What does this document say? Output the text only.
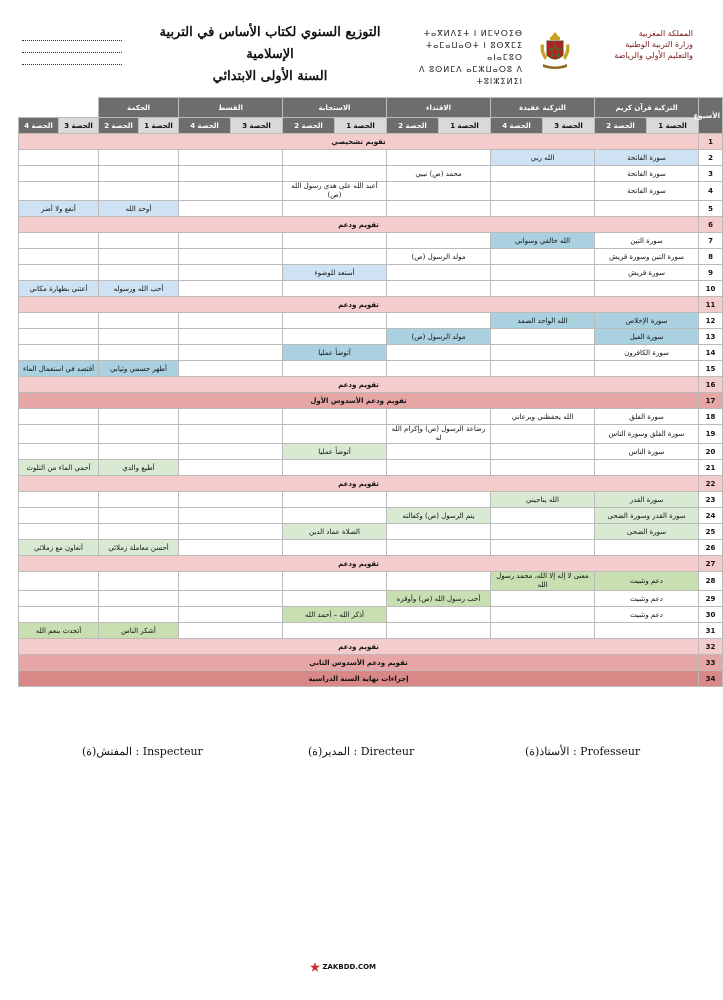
التوزيع السنوي لكتاب الأساس في التربية
الإسلامية
السنة الأولى الابتدائي
ⵜⴰⴳⵍⴷⵉⵜ ⵏ ⵍⵎⵖⵔⵉⴱ
ⵜⴰⵎⴰⵡⴰⵙⵜ ⵏ ⵓⵙⴳⵎⵉ ⴰⵏⴰⵎⵓⵔ
ⴷ ⵓⵙⵍⵎⴷ ⴰⵎⵣⵡⴰⵔⵓ ⴷ ⵜⵓⵏⵣⵉⵍⵉⵏ
المملكة المغربية
وزارة التربية الوطنية
والتعليم الأولي والرياضة
الأسبوع	التزكية قرآن كريم		التزكية عقيدة		الاقتداء		الاستجابة		القسط		الحكمة			
	الحصة 1	الحصة 2	الحصة 3	الحصة 4	الحصة 1	الحصة 2	الحصة 1	الحصة 2	الحصة 3	الحصة 4	الحصة 1	الحصة 2	الحصة 3	الحصة 4
1	تقويم تشخيصي													
2	سورة الفاتحة		الله ربي											
3	سورة الفاتحة				محمد (ص) نبيي									
4	سورة الفاتحة						أعبد الله على هدي رسول الله (ص)							
5											أوحد الله		أنفع ولا أضر	
6	تقويم ودعم													
7	سورة التين		الله خالقي وسواني											
8	سورة التين وسورة قريش				مولد الرسول (ص)									
9	سورة قريش						أستعد للوضوء							
10											أحب الله ورسوله		أعتني بطهارة مكاني	
11	تقويم ودعم													
12	سورة الإخلاص		الله الواحد الصمد											
13	سورة الفيل				مولد الرسول (ص)									
14	سورة الكافرون						أتوضأ عمليا							
15											أطهر جسمي وثيابي		أقتصد في استعمال الماء	
16	تقويم ودعم													
17	تقويم ودعم الأسدوس الأول													
18	سورة الفلق		الله يحفظني ويرعاني											
19	سورة الفلق وسورة الناس				رضاعة الرسول (ص) وإكرام الله له									
20	سورة الناس						أتوضأ عمليا							
21											أطيع والدي		أحمي الماء من التلوث	
22	تقويم ودعم													
23	سورة القدر		الله يناجيني											
24	سورة القدر وسورة الضحى				يتم الرسول (ص) وكفالته									
25	سورة الضحى						الصلاة عماد الدين							
26											أحسن معاملة زملائي		أتعاون مع زملائي	
27	تقويم ودعم													
28	دعم وتثبيت		معنى لا إله إلا الله، محمد رسول الله											
29	دعم وتثبيت				أحب رسول الله (ص) وأوقره									
30	دعم وتثبيت						أذكر الله – أحمد الله							
31											أشكر الناس		أتحدث بنعم الله	
32	تقويم ودعم													
33	تقويم ودعم الأسدوس الثاني													
34	إجراءات نهاية السنة الدراسية													
الأستاذ(ة) : Professeur
المدير(ة) : Directeur
المفتش(ة) : Inspecteur
ZAKBDD.COM
